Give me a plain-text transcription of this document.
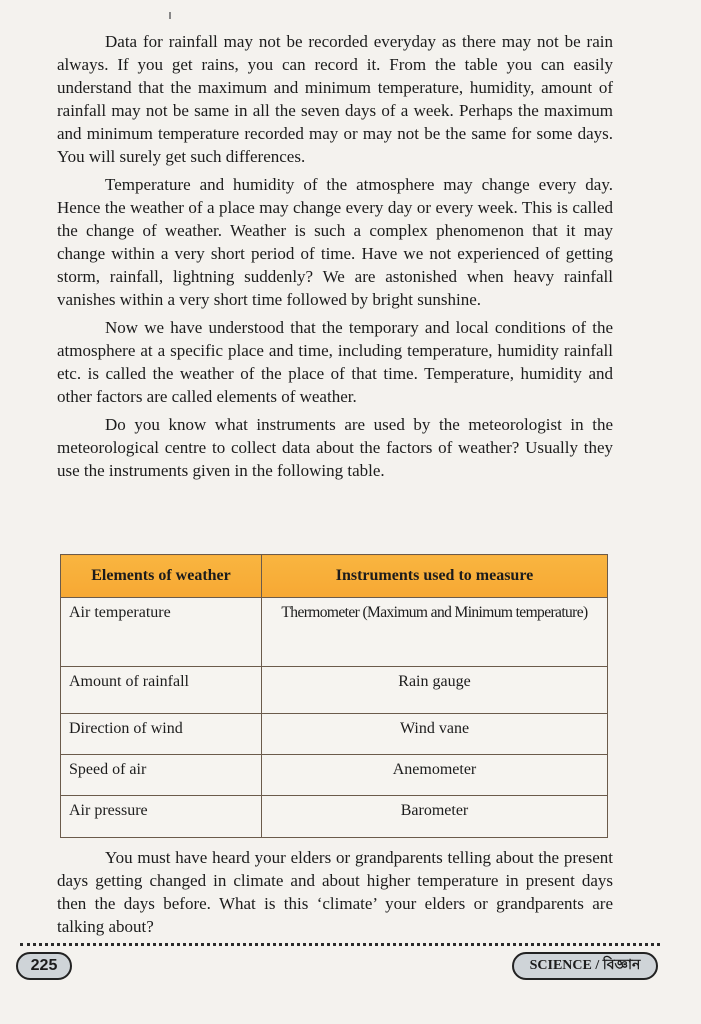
Data for rainfall may not be recorded everyday as there may not be rain always. If you get rains, you can record it. From the table you can easily understand that the maximum and minimum temperature, humidity, amount of rainfall may not be same in all the seven days of a week. Perhaps the maximum and minimum temperature recorded may or may not be the same for some days. You will surely get such differences.

Temperature and humidity of the atmosphere may change every day. Hence the weather of a place may change every day or every week. This is called the change of weather. Weather is such a complex phenomenon that it may change within a very short period of time. Have we not experienced of getting storm, rainfall, lightning suddenly? We are astonished when heavy rainfall vanishes within a very short time followed by bright sunshine.

Now we have understood that the temporary and local conditions of the atmosphere at a specific place and time, including temperature, humidity rainfall etc. is called the weather of the place of that time. Temperature, humidity and other factors are called elements of weather.

Do you know what instruments are used by the meteorologist in the meteorological centre to collect data about the factors of weather? Usually they use the instruments given in the following table.

Elements of weather	Instruments used to measure
Air temperature	Thermometer (Maximum and Minimum temperature)
Amount of rainfall	Rain gauge
Direction of wind	Wind vane
Speed of air	Anemometer
Air pressure	Barometer

You must have heard your elders or grandparents telling about the present days getting changed in climate and about higher temperature in present days then the days before. What is this ‘climate’ your elders or grandparents are talking about?

225	SCIENCE / বিজ্ঞান
